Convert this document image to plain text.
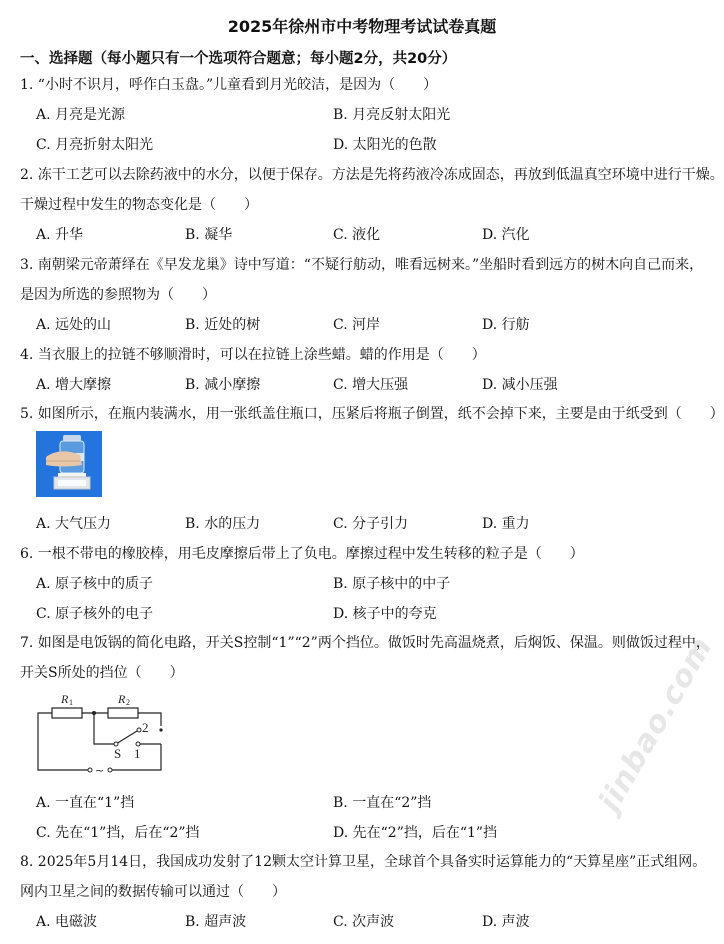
2025年徐州市中考物理考试试卷真题
一、选择题（每小题只有一个选项符合题意；每小题2分，共20分）
1. “小时不识月，呼作白玉盘。”儿童看到月光皎洁，是因为（　　）
A. 月亮是光源	B. 月亮反射太阳光
C. 月亮折射太阳光	D. 太阳光的色散
2. 冻干工艺可以去除药液中的水分，以便于保存。方法是先将药液冷冻成固态，再放到低温真空环境中进行干燥。
干燥过程中发生的物态变化是（　　）
A. 升华	B. 凝华	C. 液化	D. 汽化
3. 南朝梁元帝萧绎在《早发龙巢》诗中写道：“不疑行舫动，唯看远树来。”坐船时看到远方的树木向自己而来，
是因为所选的参照物为（　　）
A. 远处的山	B. 近处的树	C. 河岸	D. 行舫
4. 当衣服上的拉链不够顺滑时，可以在拉链上涂些蜡。蜡的作用是（　　）
A. 增大摩擦	B. 减小摩擦	C. 增大压强	D. 减小压强
5. 如图所示，在瓶内装满水，用一张纸盖住瓶口，压紧后将瓶子倒置，纸不会掉下来，主要是由于纸受到（　　）
A. 大气压力	B. 水的压力	C. 分子引力	D. 重力
6. 一根不带电的橡胶棒，用毛皮摩擦后带上了负电。摩擦过程中发生转移的粒子是（　　）
A. 原子核中的质子	B. 原子核中的中子
C. 原子核外的电子	D. 核子中的夸克
7. 如图是电饭锅的简化电路，开关S控制“1”“2”两个挡位。做饭时先高温烧煮，后焖饭、保温。则做饭过程中，
开关S所处的挡位（　　）
R 1	R 2
2
S 1
~
A. 一直在“1”挡	B. 一直在“2”挡
C. 先在“1”挡，后在“2”挡	D. 先在“2”挡，后在“1”挡
8. 2025年5月14日，我国成功发射了12颗太空计算卫星，全球首个具备实时运算能力的“天算星座”正式组网。
网内卫星之间的数据传输可以通过（　　）
A. 电磁波	B. 超声波	C. 次声波	D. 声波
jinbao.com
